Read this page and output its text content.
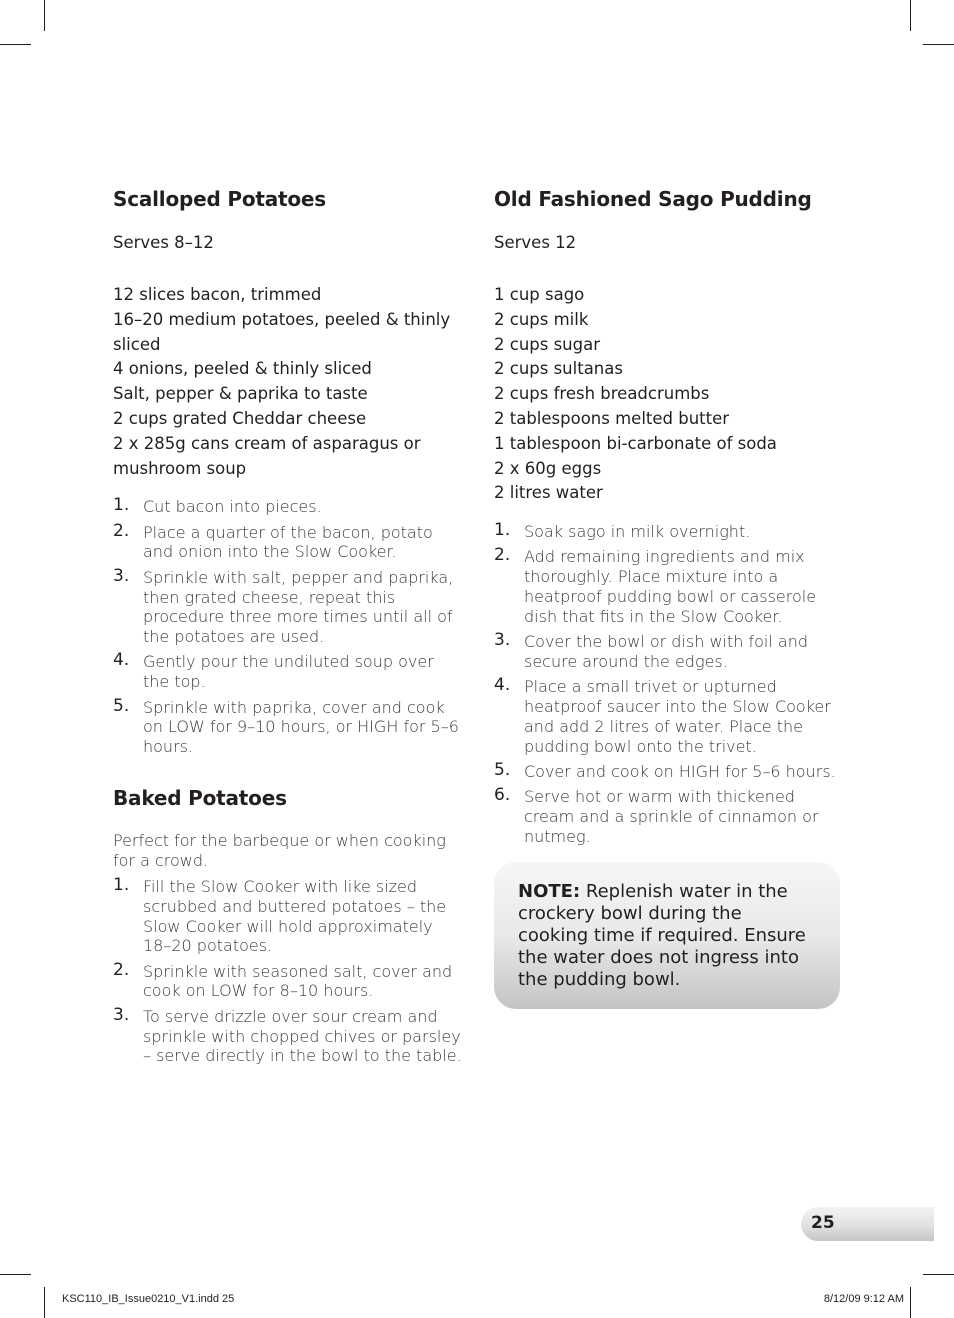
Scalloped Potatoes
Serves 8–12
12 slices bacon, trimmed
16–20 medium potatoes, peeled & thinly sliced
4 onions, peeled & thinly sliced
Salt, pepper & paprika to taste
2 cups grated Cheddar cheese
2 x 285g cans cream of asparagus or mushroom soup
1. Cut bacon into pieces.
2. Place a quarter of the bacon, potato and onion into the Slow Cooker.
3. Sprinkle with salt, pepper and paprika, then grated cheese, repeat this procedure three more times until all of the potatoes are used.
4. Gently pour the undiluted soup over the top.
5. Sprinkle with paprika, cover and cook on LOW for 9–10 hours, or HIGH for 5–6 hours.
Baked Potatoes
Perfect for the barbeque or when cooking for a crowd.
1. Fill the Slow Cooker with like sized scrubbed and buttered potatoes – the Slow Cooker will hold approximately 18–20 potatoes.
2. Sprinkle with seasoned salt, cover and cook on LOW for 8–10 hours.
3. To serve drizzle over sour cream and sprinkle with chopped chives or parsley – serve directly in the bowl to the table.
Old Fashioned Sago Pudding
Serves 12
1 cup sago
2 cups milk
2 cups sugar
2 cups sultanas
2 cups fresh breadcrumbs
2 tablespoons melted butter
1 tablespoon bi-carbonate of soda
2 x 60g eggs
2 litres water
1. Soak sago in milk overnight.
2. Add remaining ingredients and mix thoroughly. Place mixture into a heatproof pudding bowl or casserole dish that fits in the Slow Cooker.
3. Cover the bowl or dish with foil and secure around the edges.
4. Place a small trivet or upturned heatproof saucer into the Slow Cooker and add 2 litres of water. Place the pudding bowl onto the trivet.
5. Cover and cook on HIGH for 5–6 hours.
6. Serve hot or warm with thickened cream and a sprinkle of cinnamon or nutmeg.
NOTE: Replenish water in the crockery bowl during the cooking time if required. Ensure the water does not ingress into the pudding bowl.
25
KSC110_IB_Issue0210_V1.indd 25	8/12/09 9:12 AM
